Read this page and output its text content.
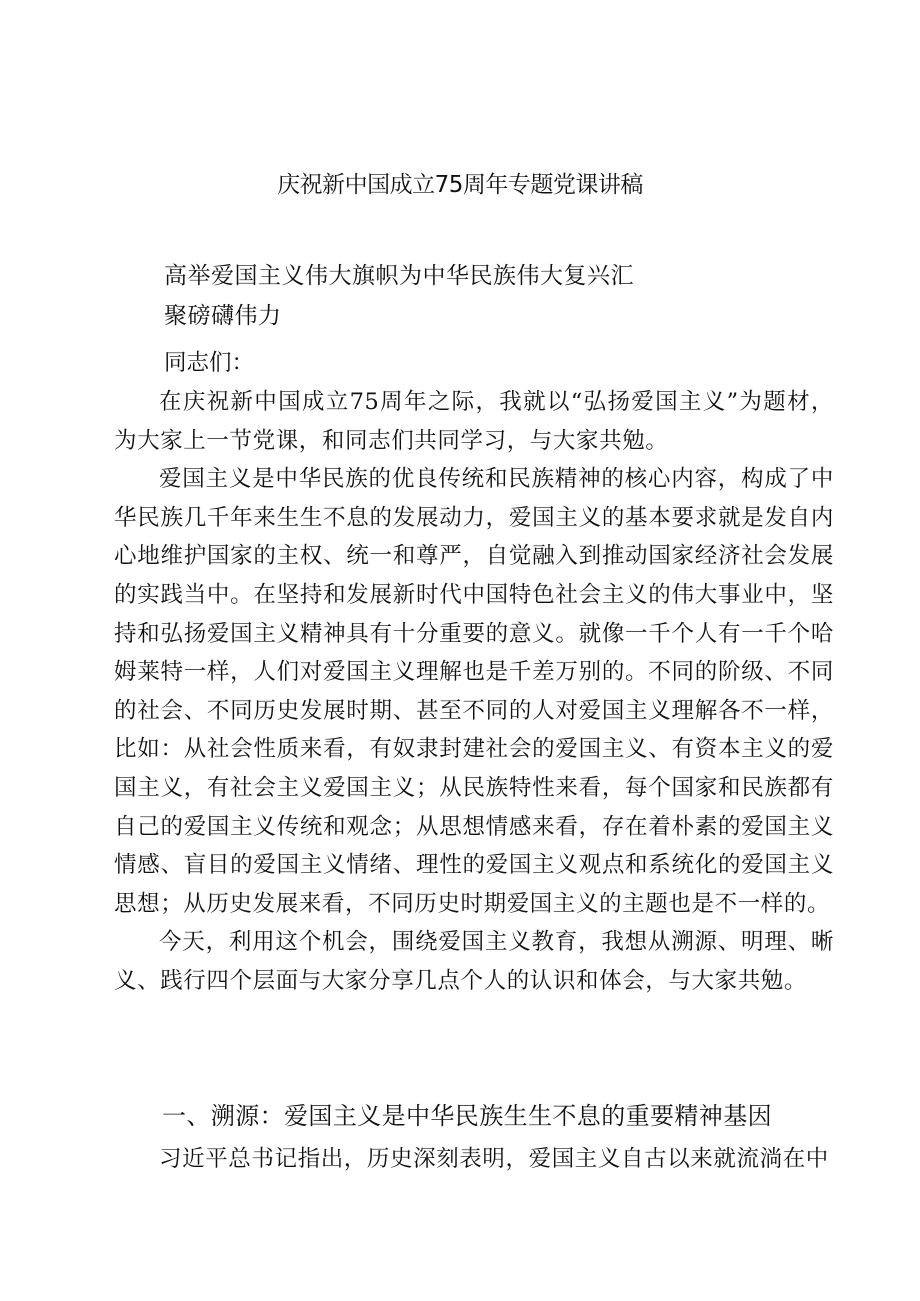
庆祝新中国成立75周年专题党课讲稿
高举爱国主义伟大旗帜为中华民族伟大复兴汇聚磅礴伟力
同志们：

在庆祝新中国成立75周年之际，我就以“弘扬爱国主义”为题材，为大家上一节党课，和同志们共同学习，与大家共勉。

爱国主义是中华民族的优良传统和民族精神的核心内容，构成了中华民族几千年来生生不息的发展动力，爱国主义的基本要求就是发自内心地维护国家的主权、统一和尊严，自觉融入到推动国家经济社会发展的实践当中。在坚持和发展新时代中国特色社会主义的伟大事业中，坚持和弘扬爱国主义精神具有十分重要的意义。就像一千个人有一千个哈姆莱特一样，人们对爱国主义理解也是千差万别的。不同的阶级、不同的社会、不同历史发展时期、甚至不同的人对爱国主义理解各不一样，比如：从社会性质来看，有奴隶封建社会的爱国主义、有资本主义的爱国主义，有社会主义爱国主义；从民族特性来看，每个国家和民族都有自己的爱国主义传统和观念；从思想情感来看，存在着朴素的爱国主义情感、盲目的爱国主义情绪、理性的爱国主义观点和系统化的爱国主义思想；从历史发展来看，不同历史时期爱国主义的主题也是不一样的。

今天，利用这个机会，围绕爱国主义教育，我想从溯源、明理、晰义、践行四个层面与大家分享几点个人的认识和体会，与大家共勉。

一、溯源：爱国主义是中华民族生生不息的重要精神基因

习近平总书记指出，历史深刻表明，爱国主义自古以来就流淌在中
